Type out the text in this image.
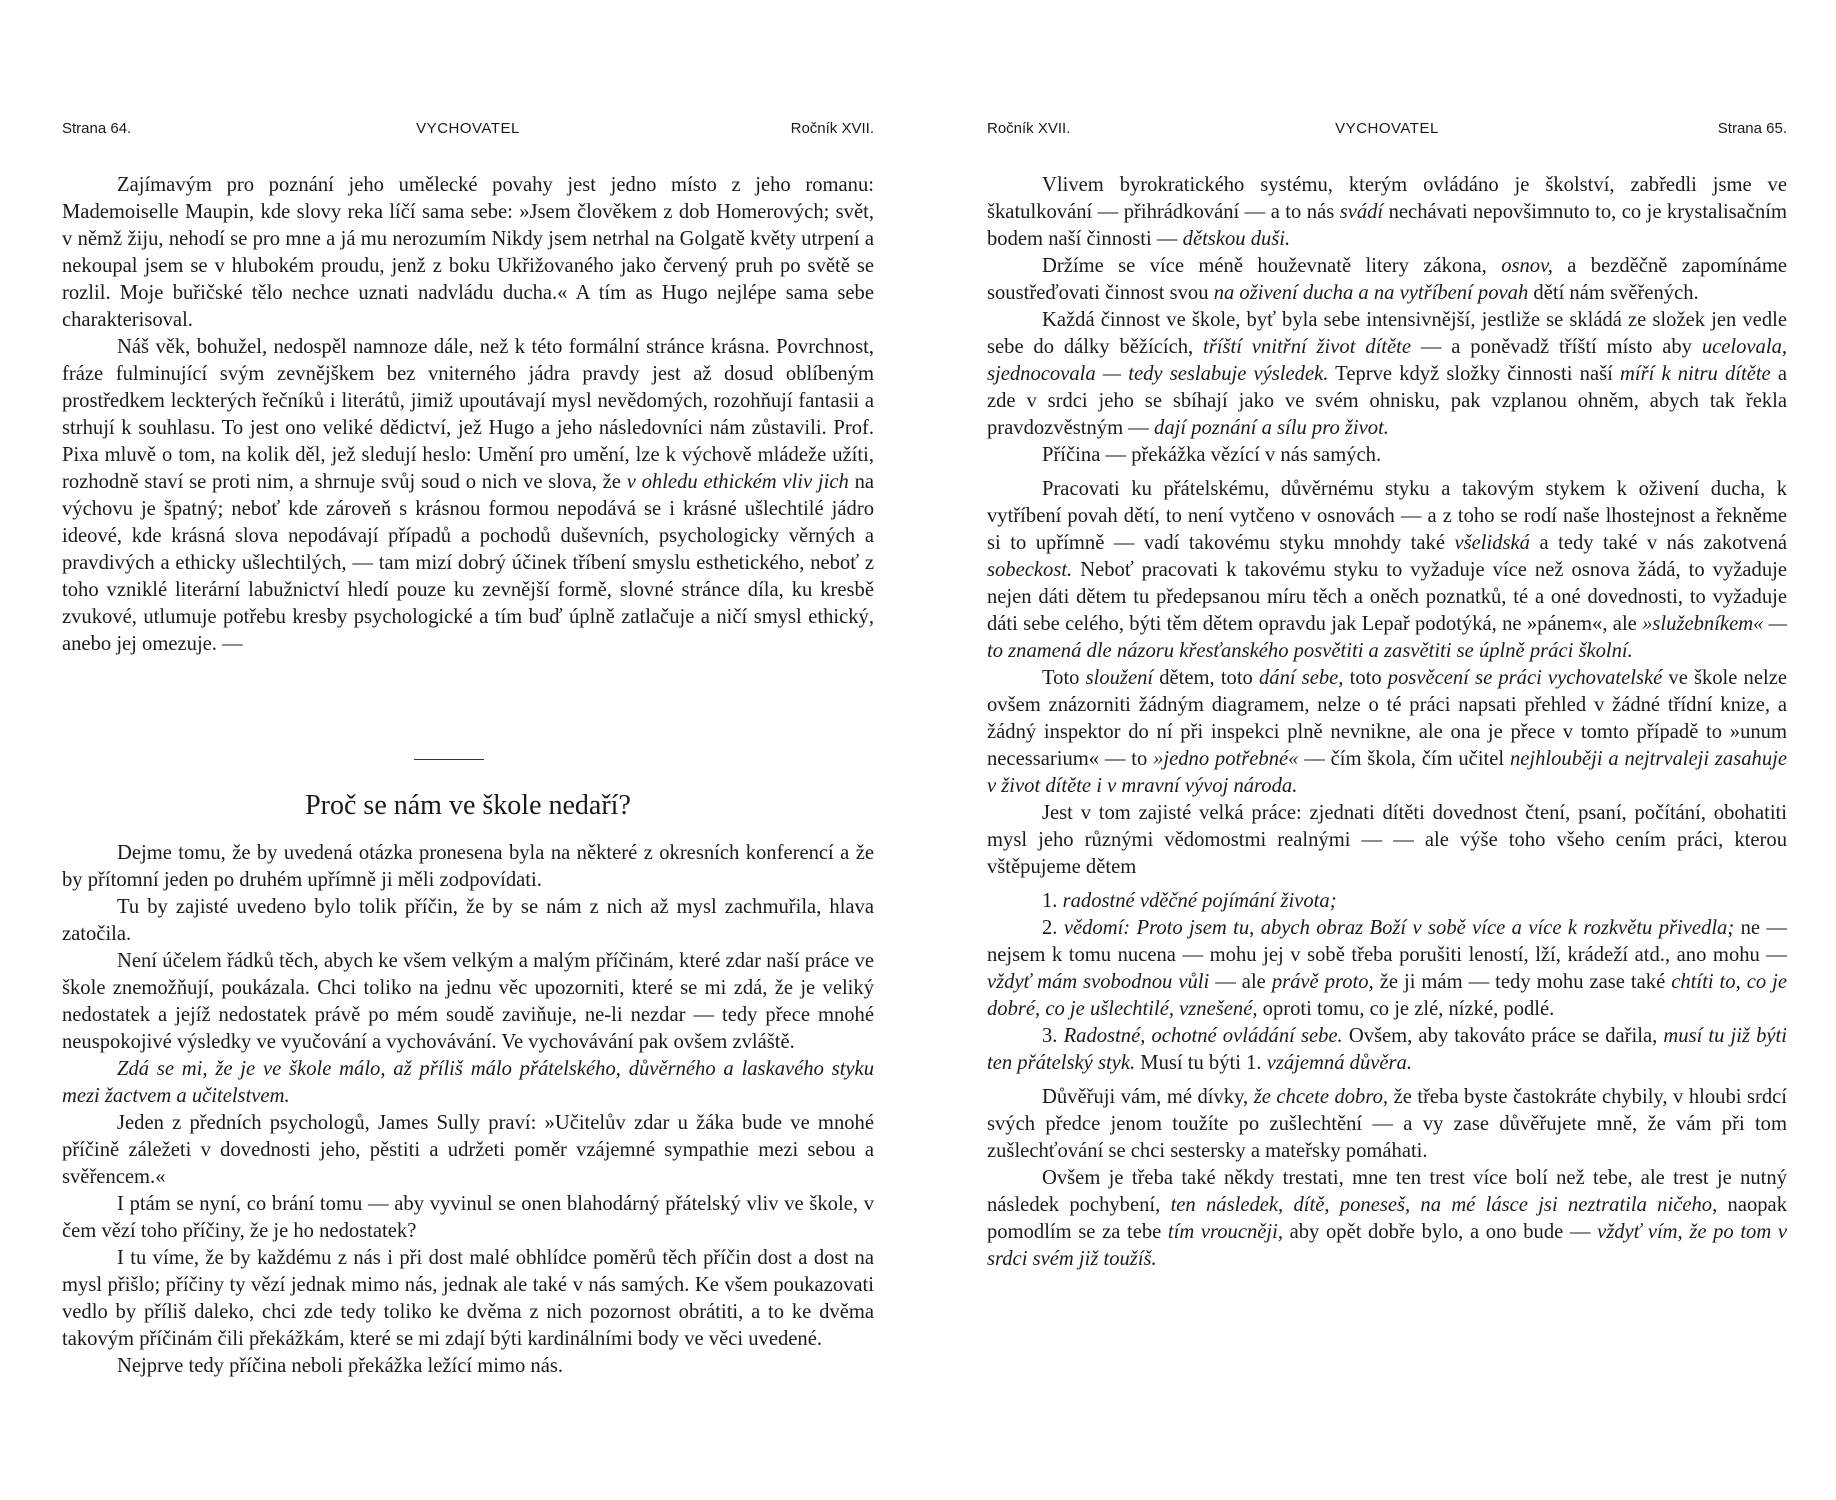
Strana 64.	VYCHOVATEL	Ročník XVII.

Zajímavým pro poznání jeho umělecké povahy jest jedno místo z jeho romanu: Mademoiselle Maupin, kde slovy reka líčí sama sebe: »Jsem člověkem z dob Homerových; svět, v němž žiju, nehodí se pro mne a já mu nerozumím Nikdy jsem netrhal na Golgatě květy utrpení a nekoupal jsem se v hlubokém proudu, jenž z boku Ukřižovaného jako červený pruh po světě se rozlil. Moje buřičské tělo nechce uznati nadvládu ducha.« A tím as Hugo nejlépe sama sebe charakterisoval.

Náš věk, bohužel, nedospěl namnoze dále, než k této formální stránce krásna. Povrchnost, fráze fulminující svým zevnějškem bez vniterného jádra pravdy jest až dosud oblíbeným prostředkem leckterých řečníků i literátů, jimiž upoutávají mysl nevědomých, rozohňují fantasii a strhují k souhlasu. To jest ono veliké dědictví, jež Hugo a jeho následovníci nám zůstavili. Prof. Pixa mluvě o tom, na kolik děl, jež sledují heslo: Umění pro umění, lze k výchově mládeže užíti, rozhodně staví se proti nim, a shrnuje svůj soud o nich ve slova, že v ohledu ethickém vliv jich na výchovu je špatný; neboť kde zároveň s krásnou formou nepodává se i krásné ušlechtilé jádro ideové, kde krásná slova nepodávají případů a pochodů duševních, psychologicky věrných a pravdivých a ethicky ušlechtilých, — tam mizí dobrý účinek tříbení smyslu esthetického, neboť z toho vzniklé literární labužnictví hledí pouze ku zevnější formě, slovné stránce díla, ku kresbě zvukové, utlumuje potřebu kresby psychologické a tím buď úplně zatlačuje a ničí smysl ethický, anebo jej omezuje. —

Proč se nám ve škole nedaří?

Dejme tomu, že by uvedená otázka pronesena byla na některé z okresních konferencí a že by přítomní jeden po druhém upřímně ji měli zodpovídati.

Tu by zajisté uvedeno bylo tolik příčin, že by se nám z nich až mysl zachmuřila, hlava zatočila.

Není účelem řádků těch, abych ke všem velkým a malým příčinám, které zdar naší práce ve škole znemožňují, poukázala. Chci toliko na jednu věc upozorniti, které se mi zdá, že je veliký nedostatek a jejíž nedostatek právě po mém soudě zaviňuje, ne-li nezdar — tedy přece mnohé neuspokojivé výsledky ve vyučování a vychovávání. Ve vychovávání pak ovšem zvláště.

Zdá se mi, že je ve škole málo, až příliš málo přátelského, důvěrného a laskavého styku mezi žactvem a učitelstvem.

Jeden z předních psychologů, James Sully praví: »Učitelův zdar u žáka bude ve mnohé příčině záležeti v dovednosti jeho, pěstiti a udržeti poměr vzájemné sympathie mezi sebou a svěřencem.«

I ptám se nyní, co brání tomu — aby vyvinul se onen blahodárný přátelský vliv ve škole, v čem vězí toho příčiny, že je ho nedostatek?

I tu víme, že by každému z nás i při dost malé obhlídce poměrů těch příčin dost a dost na mysl přišlo; příčiny ty vězí jednak mimo nás, jednak ale také v nás samých. Ke všem poukazovati vedlo by příliš daleko, chci zde tedy toliko ke dvěma z nich pozornost obrátiti, a to ke dvěma takovým příčinám čili překážkám, které se mi zdají býti kardinálními body ve věci uvedené.

Nejprve tedy příčina neboli překážka ležící mimo nás.

Ročník XVII.	VYCHOVATEL	Strana 65.

Vlivem byrokratického systému, kterým ovládáno je školství, zabředli jsme ve škatulkování — přihrádkování — a to nás svádí nechávati nepovšimnuto to, co je krystalisačním bodem naší činnosti — dětskou duši.

Držíme se více méně houževnatě litery zákona, osnov, a bezděčně zapomínáme soustřeďovati činnost svou na oživení ducha a na vytříbení povah dětí nám svěřených.

Každá činnost ve škole, byť byla sebe intensivnější, jestliže se skládá ze složek jen vedle sebe do dálky běžících, tříští vnitřní život dítěte — a poněvadž tříští místo aby ucelovala, sjednocovala — tedy seslabuje výsledek. Teprve když složky činnosti naší míří k nitru dítěte a zde v srdci jeho se sbíhají jako ve svém ohnisku, pak vzplanou ohněm, abych tak řekla pravdozvěstným — dají poznání a sílu pro život.

Příčina — překážka vězící v nás samých.

Pracovati ku přátelskému, důvěrnému styku a takovým stykem k oživení ducha, k vytříbení povah dětí, to není vytčeno v osnovách — a z toho se rodí naše lhostejnost a řekněme si to upřímně — vadí takovému styku mnohdy také všelidská a tedy také v nás zakotvená sobeckost. Neboť pracovati k takovému styku to vyžaduje více než osnova žádá, to vyžaduje nejen dáti dětem tu předepsanou míru těch a oněch poznatků, té a oné dovednosti, to vyžaduje dáti sebe celého, býti těm dětem opravdu jak Lepař podotýká, ne »pánem«, ale »služebníkem« — to znamená dle názoru křesťanského posvětiti a zasvětiti se úplně práci školní.

Toto sloužení dětem, toto dání sebe, toto posvěcení se práci vychovatelské ve škole nelze ovšem znázorniti žádným diagramem, nelze o té práci napsati přehled v žádné třídní knize, a žádný inspektor do ní při inspekci plně nevnikne, ale ona je přece v tomto případě to »unum necessarium« — to »jedno potřebné« — čím škola, čím učitel nejhlouběji a nejtrvaleji zasahuje v život dítěte i v mravní vývoj národa.

Jest v tom zajisté velká práce: zjednati dítěti dovednost čtení, psaní, počítání, obohatiti mysl jeho různými vědomostmi realnými — — ale výše toho všeho cením práci, kterou vštěpujeme dětem

1. radostné vděčné pojímání života;

2. vědomí: Proto jsem tu, abych obraz Boží v sobě více a více k rozkvětu přivedla; ne — nejsem k tomu nucena — mohu jej v sobě třeba porušiti leností, lží, krádeží atd., ano mohu — vždyť mám svobodnou vůli — ale právě proto, že ji mám — tedy mohu zase také chtíti to, co je dobré, co je ušlechtilé, vznešené, oproti tomu, co je zlé, nízké, podlé.

3. Radostné, ochotné ovládání sebe. Ovšem, aby takováto práce se dařila, musí tu již býti ten přátelský styk. Musí tu býti 1. vzájemná důvěra.

Důvěřuji vám, mé dívky, že chcete dobro, že třeba byste častokráte chybily, v hloubi srdcí svých předce jenom toužíte po zušlechtění — a vy zase důvěřujete mně, že vám při tom zušlechťování se chci sestersky a mateřsky pomáhati.

Ovšem je třeba také někdy trestati, mne ten trest více bolí než tebe, ale trest je nutný následek pochybení, ten následek, dítě, poneseš, na mé lásce jsi neztratila ničeho, naopak pomodlím se za tebe tím vroucněji, aby opět dobře bylo, a ono bude — vždyť vím, že po tom v srdci svém již toužíš.
